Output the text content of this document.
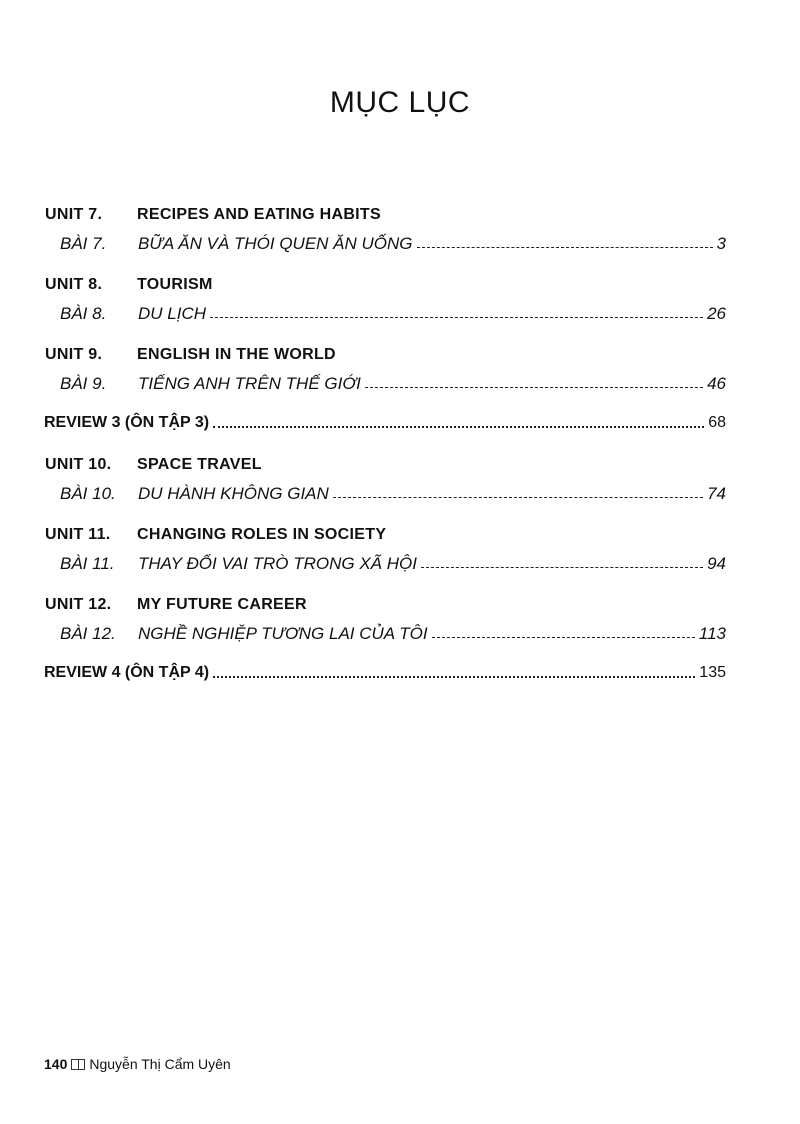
MỤC LỤC
UNIT 7. RECIPES AND EATING HABITS
BÀI 7.	BỮA ĂN VÀ THÓI QUEN ĂN UỐNG	3
UNIT 8. TOURISM
BÀI 8.	DU LỊCH	26
UNIT 9. ENGLISH IN THE WORLD
BÀI 9.	TIẾNG ANH TRÊN THẾ GIỚI	46
REVIEW 3 (ÔN TẬP 3)	68
UNIT 10. SPACE TRAVEL
BÀI 10.	DU HÀNH KHÔNG GIAN	74
UNIT 11. CHANGING ROLES IN SOCIETY
BÀI 11.	THAY ĐỔI VAI TRÒ TRONG XÃ HỘI	94
UNIT 12. MY FUTURE CAREER
BÀI 12.	NGHỀ NGHIỆP TƯƠNG LAI CỦA TÔI	113
REVIEW 4 (ÔN TẬP 4)	135
140 Nguyễn Thị Cẩm Uyên
